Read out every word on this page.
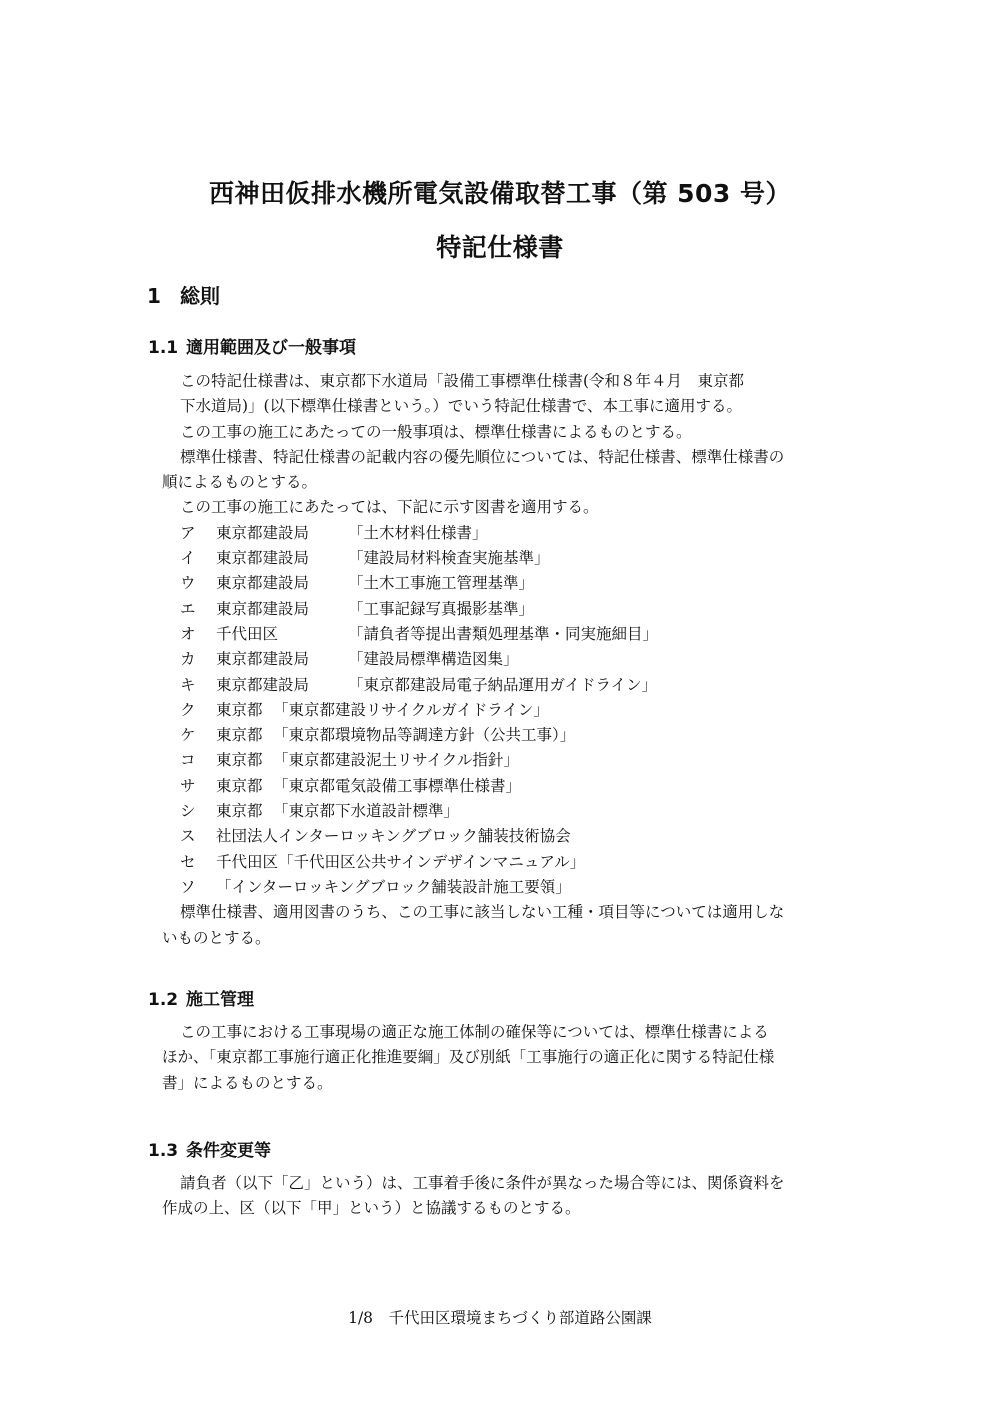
西神田仮排水機所電気設備取替工事（第 503 号）
特記仕様書
1 総則
1.1 適用範囲及び一般事項
この特記仕様書は、東京都下水道局「設備工事標準仕様書(令和８年４月　東京都
下水道局)」(以下標準仕様書という。）でいう特記仕様書で、本工事に適用する。
この工事の施工にあたっての一般事項は、標準仕様書によるものとする。
標準仕様書、特記仕様書の記載内容の優先順位については、特記仕様書、標準仕様書の
順によるものとする。
この工事の施工にあたっては、下記に示す図書を適用する。
ア 東京都建設局	「土木材料仕様書」
イ 東京都建設局	「建設局材料検査実施基準」
ウ 東京都建設局	「土木工事施工管理基準」
エ 東京都建設局	「工事記録写真撮影基準」
オ 千代田区	「請負者等提出書類処理基準・同実施細目」
カ 東京都建設局	「建設局標準構造図集」
キ 東京都建設局	「東京都建設局電子納品運用ガイドライン」
ク 東京都 「東京都建設リサイクルガイドライン」
ケ 東京都 「東京都環境物品等調達方針（公共工事）」
コ 東京都 「東京都建設泥土リサイクル指針」
サ 東京都 「東京都電気設備工事標準仕様書」
シ 東京都 「東京都下水道設計標準」
ス 社団法人インターロッキングブロック舗装技術協会
セ 千代田区「千代田区公共サインデザインマニュアル」
ソ 「インターロッキングブロック舗装設計施工要領」
標準仕様書、適用図書のうち、この工事に該当しない工種・項目等については適用しな
いものとする。
1.2 施工管理
この工事における工事現場の適正な施工体制の確保等については、標準仕様書による
ほか、「東京都工事施行適正化推進要綱」及び別紙「工事施行の適正化に関する特記仕様
書」によるものとする。
1.3 条件変更等
請負者（以下「乙」という）は、工事着手後に条件が異なった場合等には、関係資料を
作成の上、区（以下「甲」という）と協議するものとする。
1/8　千代田区環境まちづくり部道路公園課
